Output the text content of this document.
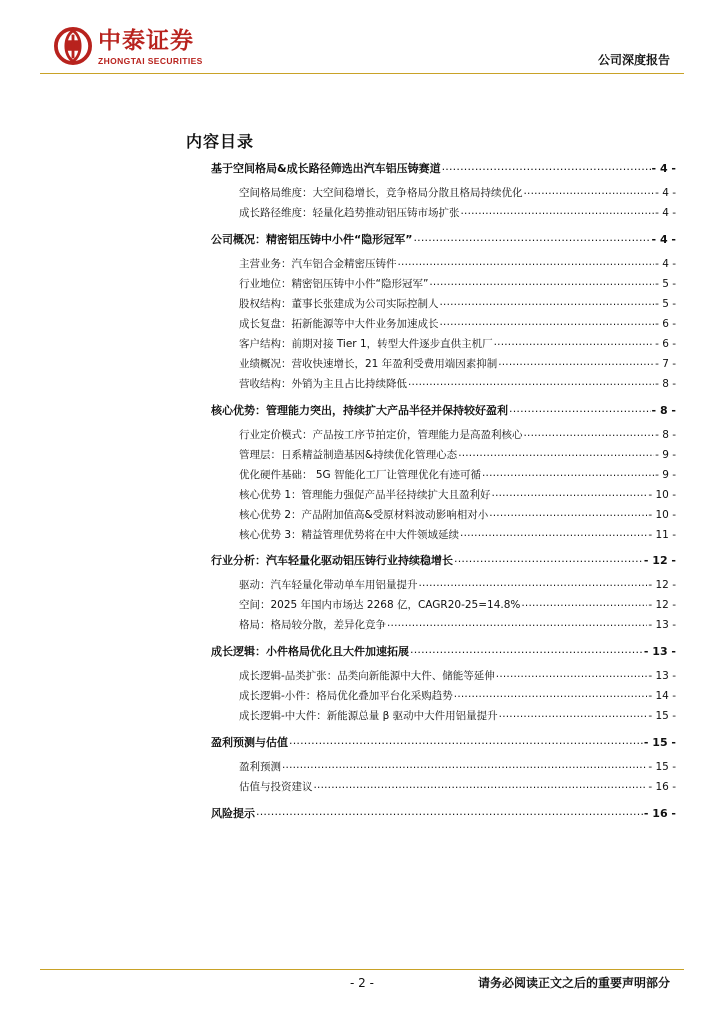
中泰证券
ZHONGTAI SECURITIES	公司深度报告
内容目录
基于空间格局&成长路径筛选出汽车铝压铸赛道 .....	- 4 -
空间格局维度：大空间稳增长，竞争格局分散且格局持续优化 .....	- 4 -
成长路径维度：轻量化趋势推动铝压铸市场扩张 .....	- 4 -
公司概况：精密铝压铸中小件“隐形冠军” .....	- 4 -
主营业务：汽车铝合金精密压铸件 .....	- 4 -
行业地位：精密铝压铸中小件“隐形冠军” .....	- 5 -
股权结构：董事长张建成为公司实际控制人 .....	- 5 -
成长复盘：拓新能源等中大件业务加速成长 .....	- 6 -
客户结构：前期对接 Tier 1，转型大件逐步直供主机厂 .....	- 6 -
业绩概况：营收快速增长，21 年盈利受费用端因素抑制 .....	- 7 -
营收结构：外销为主且占比持续降低 .....	- 8 -
核心优势：管理能力突出，持续扩大产品半径并保持较好盈利 .....	- 8 -
行业定价模式：产品按工序节拍定价，管理能力是高盈利核心 .....	- 8 -
管理层：日系精益制造基因&持续优化管理心态 .....	- 9 -
优化硬件基础： 5G 智能化工厂让管理优化有迹可循 .....	- 9 -
核心优势 1：管理能力强促产品半径持续扩大且盈利好 .....	- 10 -
核心优势 2：产品附加值高&受原材料波动影响相对小 .....	- 10 -
核心优势 3：精益管理优势将在中大件领域延续 .....	- 11 -
行业分析：汽车轻量化驱动铝压铸行业持续稳增长 .....	- 12 -
驱动：汽车轻量化带动单车用铝量提升 .....	- 12 -
空间：2025 年国内市场达 2268 亿，CAGR20-25=14.8% .....	- 12 -
格局：格局较分散，差异化竞争 .....	- 13 -
成长逻辑：小件格局优化且大件加速拓展 .....	- 13 -
成长逻辑-品类扩张：品类向新能源中大件、储能等延伸 .....	- 13 -
成长逻辑-小件：格局优化叠加平台化采购趋势 .....	- 14 -
成长逻辑-中大件：新能源总量 β 驱动中大件用铝量提升 .....	- 15 -
盈利预测与估值 .....	- 15 -
盈利预测 .....	- 15 -
估值与投资建议 .....	- 16 -
风险提示 .....	- 16 -
- 2 -	请务必阅读正文之后的重要声明部分
